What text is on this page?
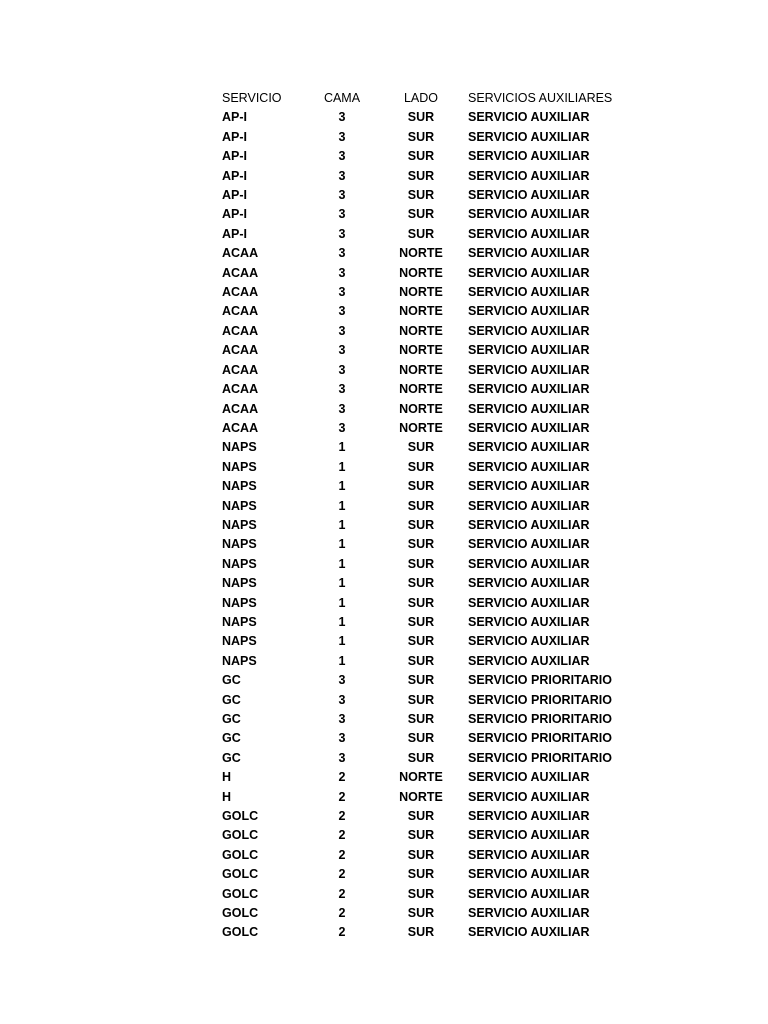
SERVICIO	CAMA	LADO	SERVICIOS AUXILIARES
AP-I	3	SUR	SERVICIO AUXILIAR
AP-I	3	SUR	SERVICIO AUXILIAR
AP-I	3	SUR	SERVICIO AUXILIAR
AP-I	3	SUR	SERVICIO AUXILIAR
AP-I	3	SUR	SERVICIO AUXILIAR
AP-I	3	SUR	SERVICIO AUXILIAR
AP-I	3	SUR	SERVICIO AUXILIAR
ACAA	3	NORTE	SERVICIO AUXILIAR
ACAA	3	NORTE	SERVICIO AUXILIAR
ACAA	3	NORTE	SERVICIO AUXILIAR
ACAA	3	NORTE	SERVICIO AUXILIAR
ACAA	3	NORTE	SERVICIO AUXILIAR
ACAA	3	NORTE	SERVICIO AUXILIAR
ACAA	3	NORTE	SERVICIO AUXILIAR
ACAA	3	NORTE	SERVICIO AUXILIAR
ACAA	3	NORTE	SERVICIO AUXILIAR
ACAA	3	NORTE	SERVICIO AUXILIAR
NAPS	1	SUR	SERVICIO AUXILIAR
NAPS	1	SUR	SERVICIO AUXILIAR
NAPS	1	SUR	SERVICIO AUXILIAR
NAPS	1	SUR	SERVICIO AUXILIAR
NAPS	1	SUR	SERVICIO AUXILIAR
NAPS	1	SUR	SERVICIO AUXILIAR
NAPS	1	SUR	SERVICIO AUXILIAR
NAPS	1	SUR	SERVICIO AUXILIAR
NAPS	1	SUR	SERVICIO AUXILIAR
NAPS	1	SUR	SERVICIO AUXILIAR
NAPS	1	SUR	SERVICIO AUXILIAR
NAPS	1	SUR	SERVICIO AUXILIAR
GC	3	SUR	SERVICIO PRIORITARIO
GC	3	SUR	SERVICIO PRIORITARIO
GC	3	SUR	SERVICIO PRIORITARIO
GC	3	SUR	SERVICIO PRIORITARIO
GC	3	SUR	SERVICIO PRIORITARIO
H	2	NORTE	SERVICIO AUXILIAR
H	2	NORTE	SERVICIO AUXILIAR
GOLC	2	SUR	SERVICIO AUXILIAR
GOLC	2	SUR	SERVICIO AUXILIAR
GOLC	2	SUR	SERVICIO AUXILIAR
GOLC	2	SUR	SERVICIO AUXILIAR
GOLC	2	SUR	SERVICIO AUXILIAR
GOLC	2	SUR	SERVICIO AUXILIAR
GOLC	2	SUR	SERVICIO AUXILIAR
